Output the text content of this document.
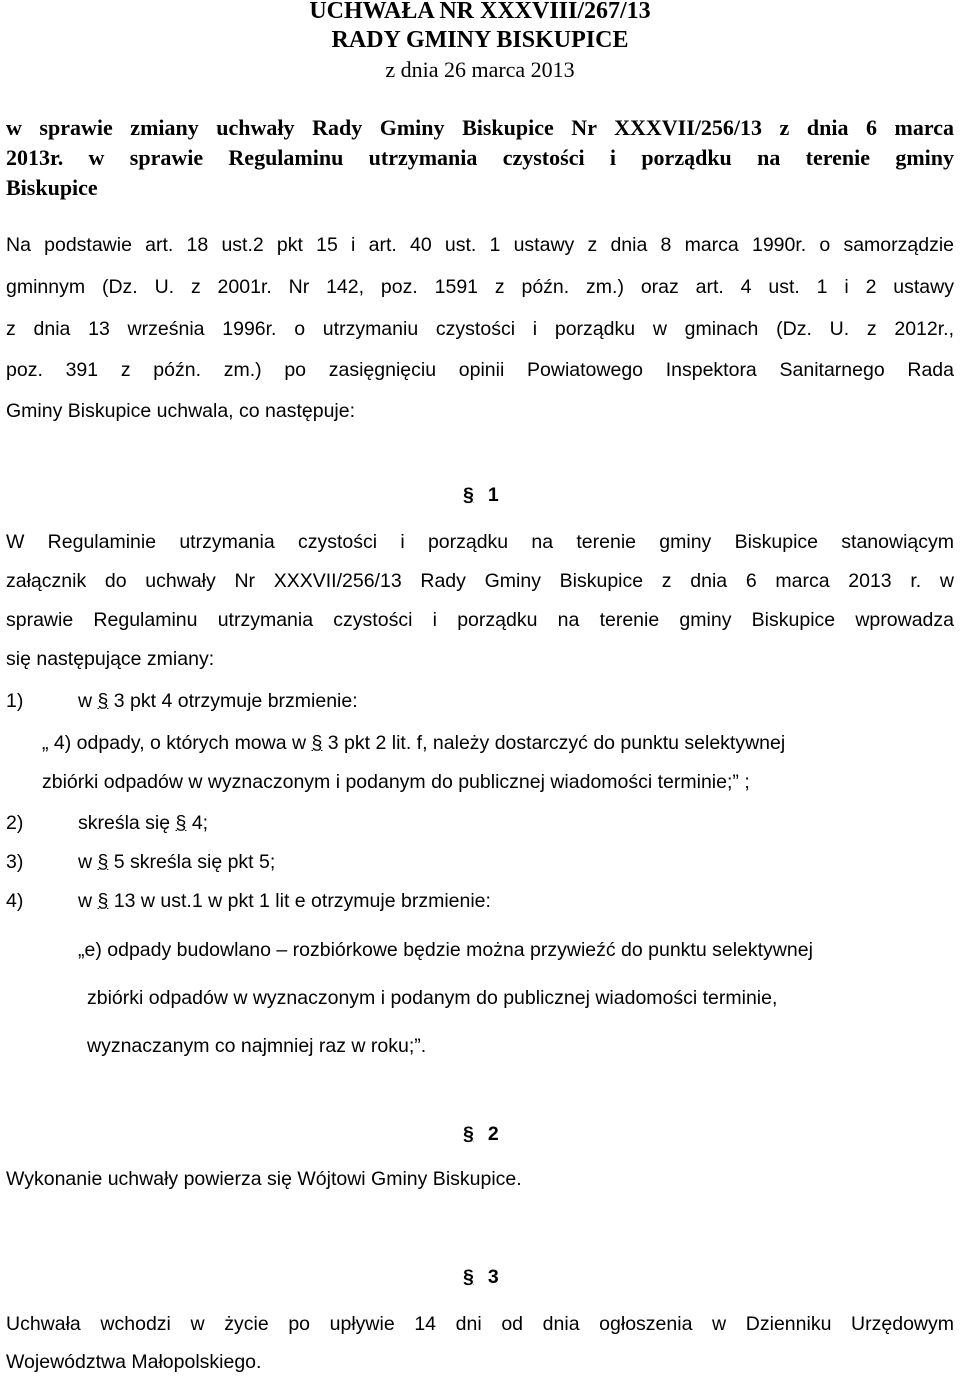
UCHWAŁA NR XXXVIII/267/13
RADY GMINY BISKUPICE
z dnia 26 marca 2013
w sprawie zmiany uchwały Rady Gminy Biskupice Nr XXXVII/256/13 z dnia 6 marca
2013r. w sprawie Regulaminu utrzymania czystości i porządku na terenie gminy
Biskupice
Na podstawie art. 18 ust.2 pkt 15 i art. 40 ust. 1 ustawy z dnia 8 marca 1990r. o samorządzie
gminnym (Dz. U. z 2001r. Nr 142, poz. 1591 z późn. zm.) oraz art. 4 ust. 1 i 2 ustawy
z dnia 13 września 1996r. o utrzymaniu czystości i porządku w gminach (Dz. U. z 2012r.,
poz. 391 z późn. zm.) po zasięgnięciu opinii Powiatowego Inspektora Sanitarnego Rada
Gminy Biskupice uchwala, co następuje:
§ 1
W Regulaminie utrzymania czystości i porządku na terenie gminy Biskupice stanowiącym
załącznik do uchwały Nr XXXVII/256/13 Rady Gminy Biskupice z dnia 6 marca 2013 r. w
sprawie Regulaminu utrzymania czystości i porządku na terenie gminy Biskupice wprowadza
się następujące zmiany:
1)	w § 3 pkt 4 otrzymuje brzmienie:
„ 4) odpady, o których mowa w § 3 pkt 2 lit. f, należy dostarczyć do punktu selektywnej
zbiórki odpadów w wyznaczonym i podanym do publicznej wiadomości terminie;” ;
2)	skreśla się § 4;
3)	w § 5 skreśla się pkt 5;
4)	w § 13 w ust.1 w pkt 1 lit e otrzymuje brzmienie:
„e) odpady budowlano – rozbiórkowe będzie można przywieźć do punktu selektywnej
zbiórki odpadów w wyznaczonym i podanym do publicznej wiadomości terminie,
wyznaczanym co najmniej raz w roku;”.
§ 2
Wykonanie uchwały powierza się Wójtowi Gminy Biskupice.
§ 3
Uchwała wchodzi w życie po upływie 14 dni od dnia ogłoszenia w Dzienniku Urzędowym
Województwa Małopolskiego.
